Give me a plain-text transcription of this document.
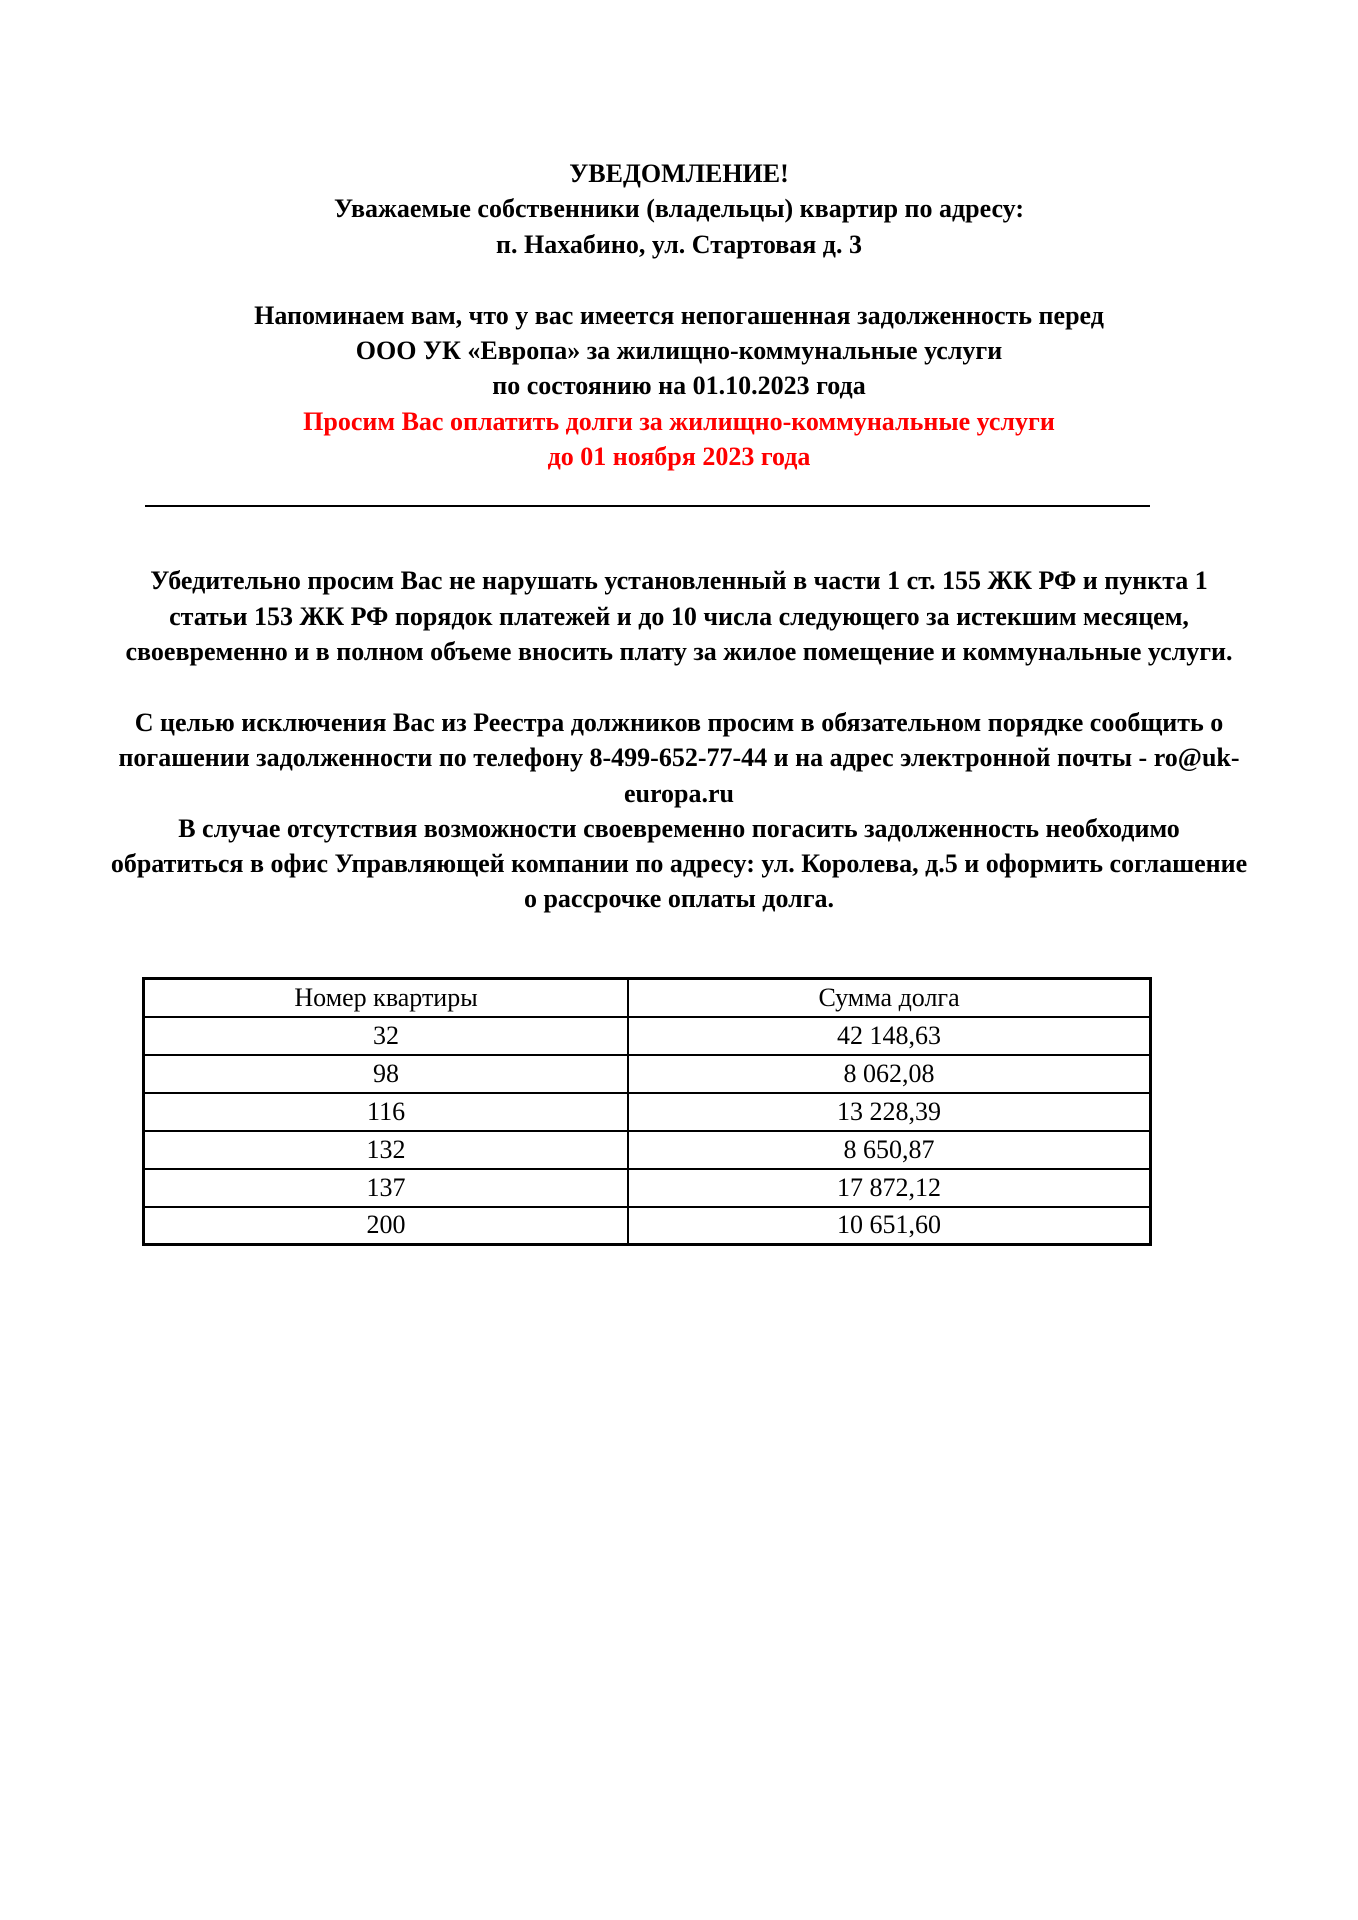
УВЕДОМЛЕНИЕ!
Уважаемые собственники (владельцы) квартир по адресу:
п. Нахабино, ул. Стартовая д. 3
Напоминаем вам, что у вас имеется непогашенная задолженность перед
ООО УК «Европа» за жилищно-коммунальные услуги
по состоянию на 01.10.2023 года
Просим Вас оплатить долги за жилищно-коммунальные услуги
до 01 ноября 2023 года
Убедительно просим Вас не нарушать установленный в части 1 ст. 155 ЖК РФ и пункта 1
статьи 153 ЖК РФ порядок платежей и до 10 числа следующего за истекшим месяцем,
своевременно и в полном объеме вносить плату за жилое помещение и коммунальные услуги.
С целью исключения Вас из Реестра должников просим в обязательном порядке сообщить о
погашении задолженности по телефону 8-499-652-77-44 и на адрес электронной почты - ro@uk-
europa.ru
В случае отсутствия возможности своевременно погасить задолженность необходимо
обратиться в офис Управляющей компании по адресу: ул. Королева, д.5 и оформить соглашение
о рассрочке оплаты долга.
Номер квартиры	Сумма долга
32	42 148,63
98	8 062,08
116	13 228,39
132	8 650,87
137	17 872,12
200	10 651,60
